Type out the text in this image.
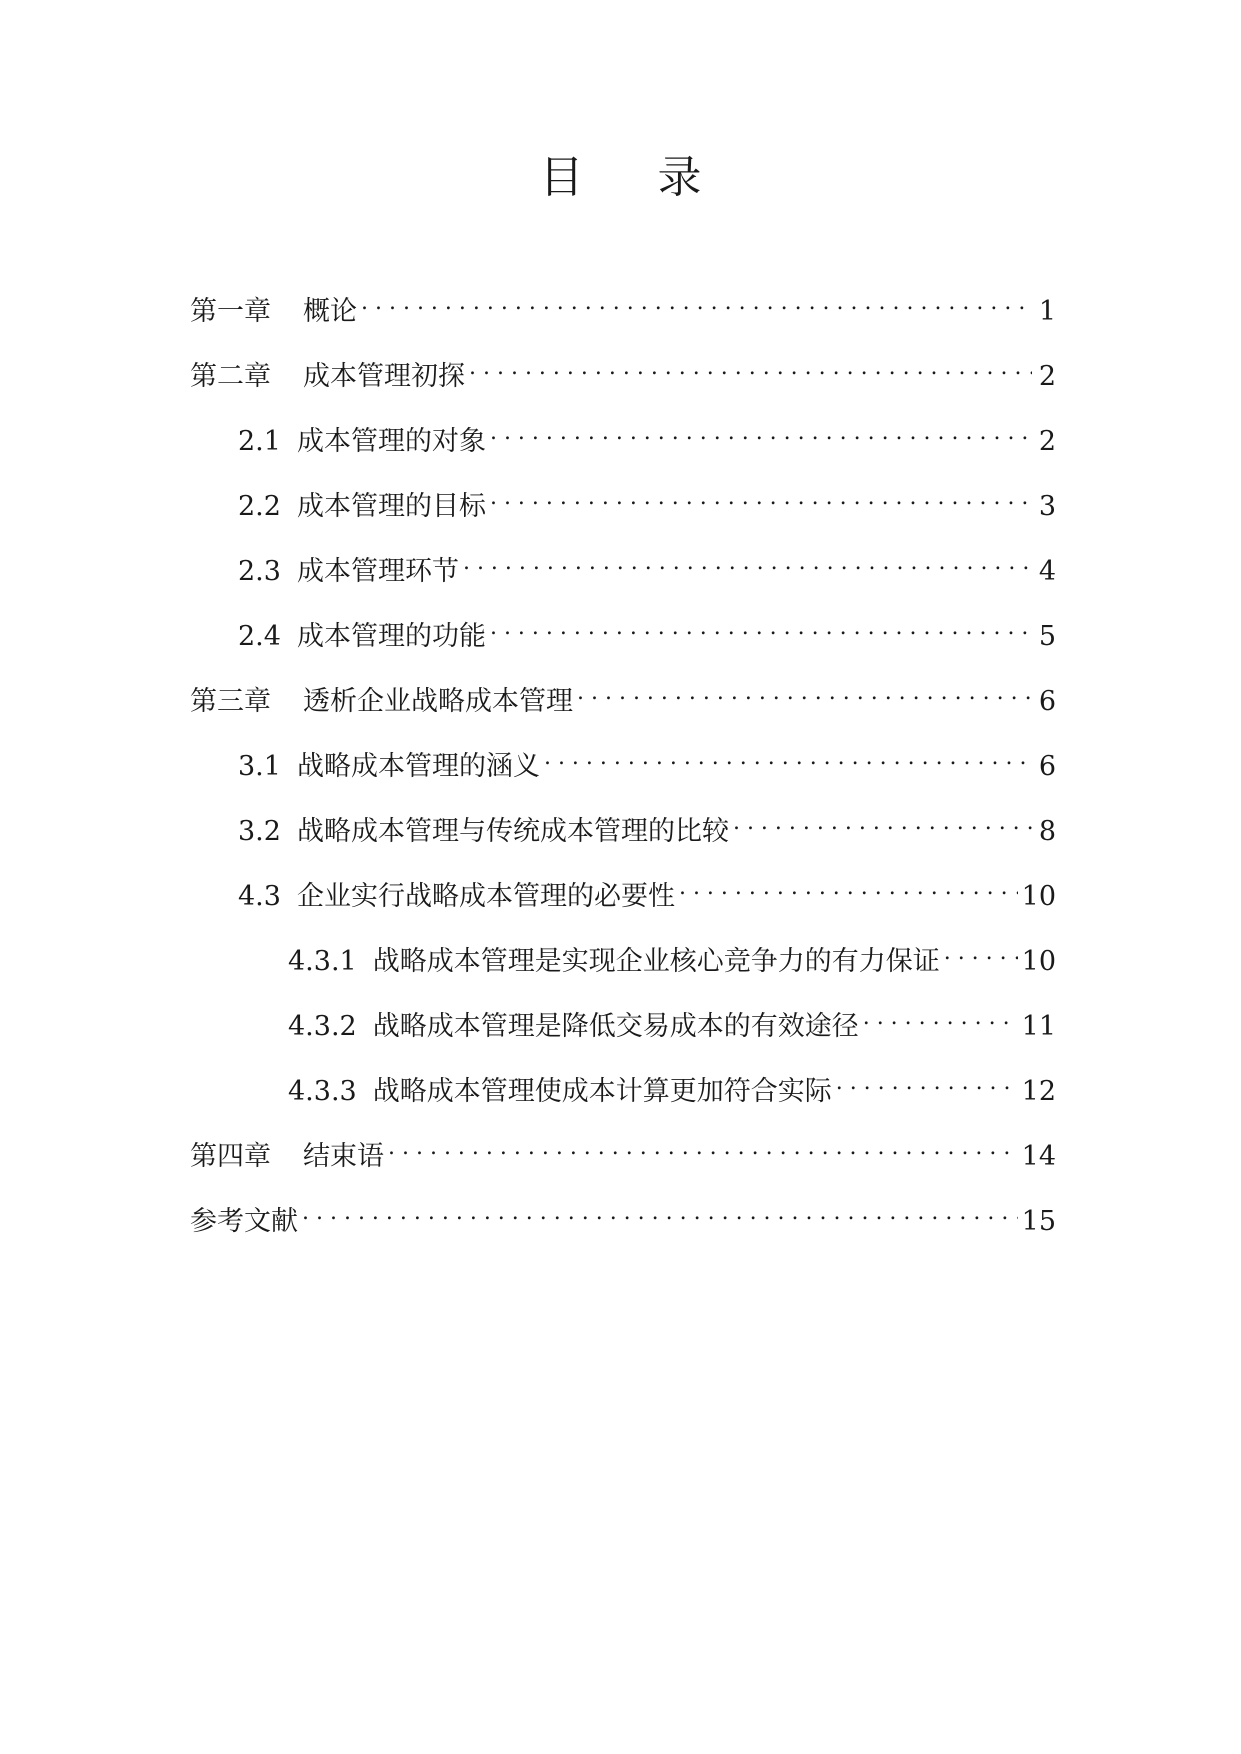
目 录
第一章	概论 . . .	1
第二章	成本管理初探 . . .	2
2.1 成本管理的对象 . . .	2
2.2 成本管理的目标 . . .	3
2.3 成本管理环节 . . .	4
2.4 成本管理的功能 . . .	5
第三章	透析企业战略成本管理 . . .	6
3.1 战略成本管理的涵义 . . .	6
3.2 战略成本管理与传统成本管理的比较 . . .	8
4.3 企业实行战略成本管理的必要性 . . .	10
4.3.1 战略成本管理是实现企业核心竞争力的有力保证 . . .	10
4.3.2 战略成本管理是降低交易成本的有效途径 . . .	11
4.3.3 战略成本管理使成本计算更加符合实际 . . .	12
第四章	结束语 . . .	14
参考文献 . . .	15
